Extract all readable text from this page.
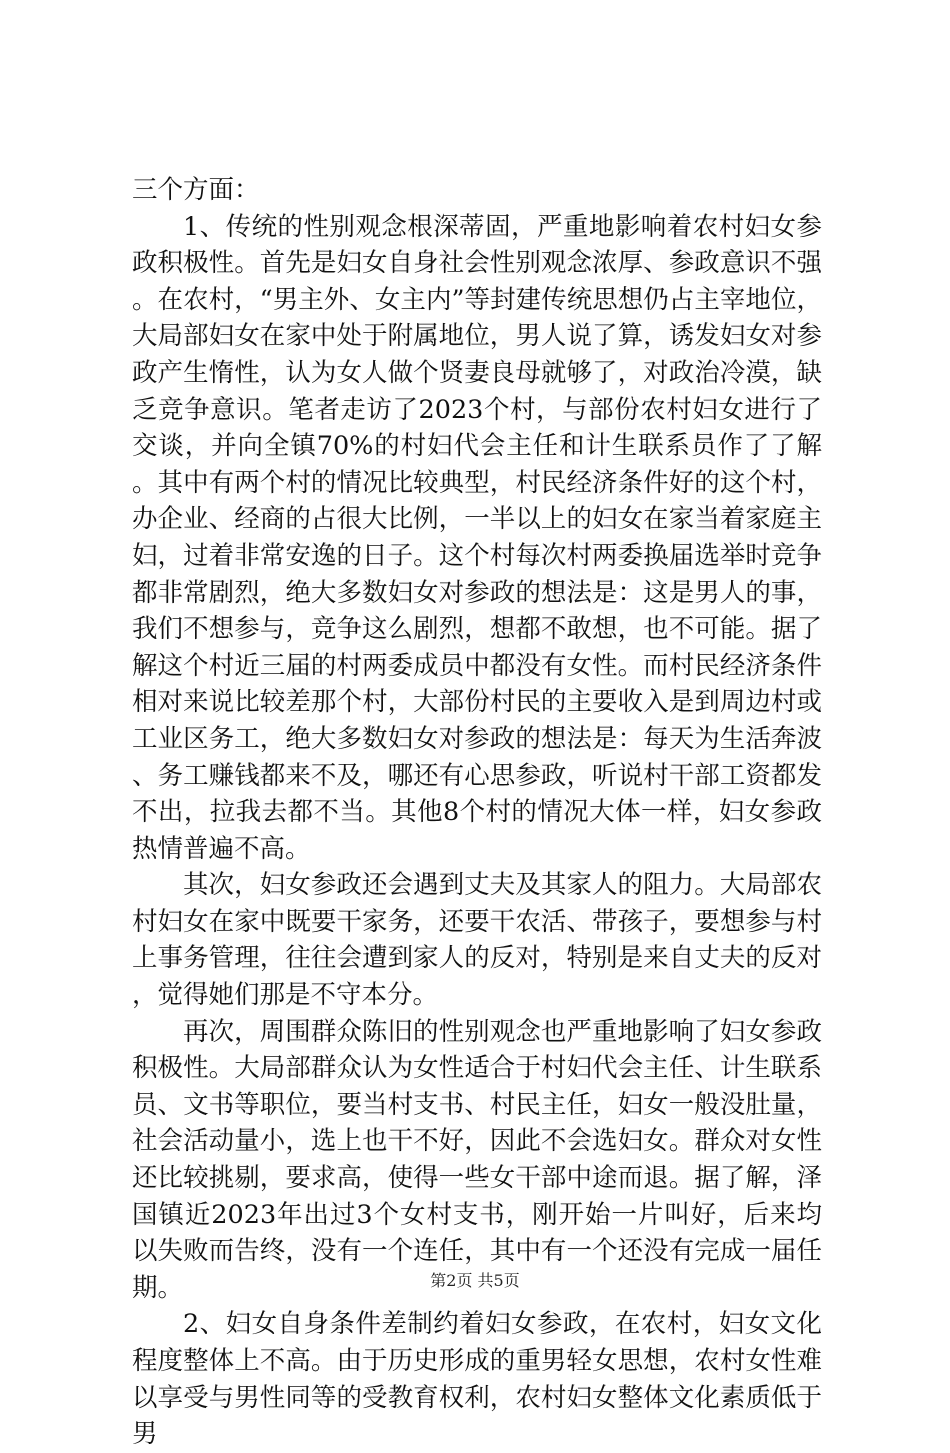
三个方面：

1、传统的性别观念根深蒂固，严重地影响着农村妇女参政积极性。首先是妇女自身社会性别观念浓厚、参政意识不强。在农村，“男主外、女主内”等封建传统思想仍占主宰地位，大局部妇女在家中处于附属地位，男人说了算，诱发妇女对参政产生惰性，认为女人做个贤妻良母就够了，对政治冷漠，缺乏竞争意识。笔者走访了2023个村，与部份农村妇女进行了交谈，并向全镇70%的村妇代会主任和计生联系员作了了解。其中有两个村的情况比较典型，村民经济条件好的这个村，办企业、经商的占很大比例，一半以上的妇女在家当着家庭主妇，过着非常安逸的日子。这个村每次村两委换届选举时竞争都非常剧烈，绝大多数妇女对参政的想法是：这是男人的事，我们不想参与，竞争这么剧烈，想都不敢想，也不可能。据了解这个村近三届的村两委成员中都没有女性。而村民经济条件相对来说比较差那个村，大部份村民的主要收入是到周边村或工业区务工，绝大多数妇女对参政的想法是：每天为生活奔波、务工赚钱都来不及，哪还有心思参政，听说村干部工资都发不出，拉我去都不当。其他8个村的情况大体一样，妇女参政热情普遍不高。

其次，妇女参政还会遇到丈夫及其家人的阻力。大局部农村妇女在家中既要干家务，还要干农活、带孩子，要想参与村上事务管理，往往会遭到家人的反对，特别是来自丈夫的反对，觉得她们那是不守本分。

再次，周围群众陈旧的性别观念也严重地影响了妇女参政积极性。大局部群众认为女性适合于村妇代会主任、计生联系员、文书等职位，要当村支书、村民主任，妇女一般没肚量，社会活动量小，选上也干不好，因此不会选妇女。群众对女性还比较挑剔，要求高，使得一些女干部中途而退。据了解，泽国镇近2023年出过3个女村支书，刚开始一片叫好，后来均以失败而告终，没有一个连任，其中有一个还没有完成一届任期。

2、妇女自身条件差制约着妇女参政，在农村，妇女文化程度整体上不高。由于历史形成的重男轻女思想，农村女性难以享受与男性同等的受教育权利，农村妇女整体文化素质低于男

第2页 共5页
